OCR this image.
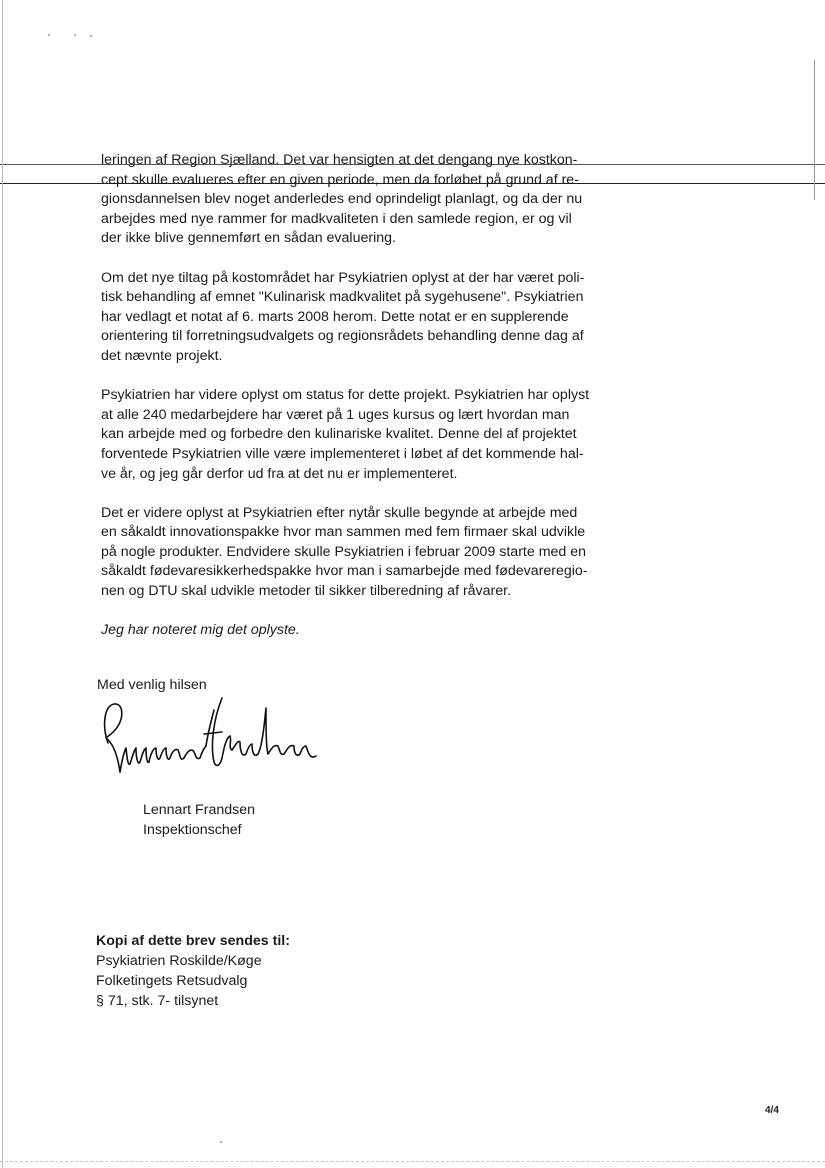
leringen af Region Sjælland. Det var hensigten at det dengang nye kostkon-
cept skulle evalueres efter en given periode, men da forløbet på grund af re-
gionsdannelsen blev noget anderledes end oprindeligt planlagt, og da der nu
arbejdes med nye rammer for madkvaliteten i den samlede region, er og vil
der ikke blive gennemført en sådan evaluering.
Om det nye tiltag på kostområdet har Psykiatrien oplyst at der har været poli-
tisk behandling af emnet "Kulinarisk madkvalitet på sygehusene". Psykiatrien
har vedlagt et notat af 6. marts 2008 herom. Dette notat er en supplerende
orientering til forretningsudvalgets og regionsrådets behandling denne dag af
det nævnte projekt.
Psykiatrien har videre oplyst om status for dette projekt. Psykiatrien har oplyst
at alle 240 medarbejdere har været på 1 uges kursus og lært hvordan man
kan arbejde med og forbedre den kulinariske kvalitet. Denne del af projektet
forventede Psykiatrien ville være implementeret i løbet af det kommende hal-
ve år, og jeg går derfor ud fra at det nu er implementeret.
Det er videre oplyst at Psykiatrien efter nytår skulle begynde at arbejde med
en såkaldt innovationspakke hvor man sammen med fem firmaer skal udvikle
på nogle produkter. Endvidere skulle Psykiatrien i februar 2009 starte med en
såkaldt fødevaresikkerhedspakke hvor man i samarbejde med fødevareregio-
nen og DTU skal udvikle metoder til sikker tilberedning af råvarer.
Jeg har noteret mig det oplyste.
Med venlig hilsen
Lennart Frandsen
Inspektionschef
Kopi af dette brev sendes til:
Psykiatrien Roskilde/Køge
Folketingets Retsudvalg
§ 71, stk. 7- tilsynet
4/4
